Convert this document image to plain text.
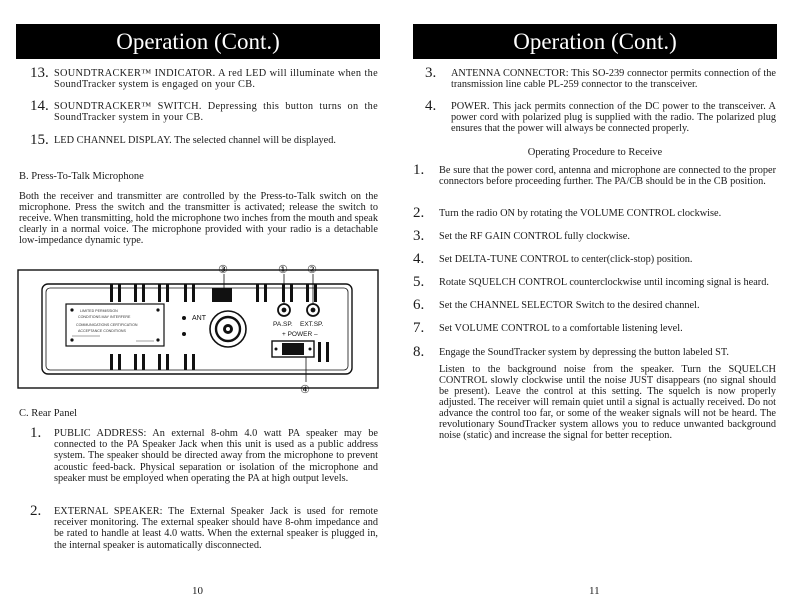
Operation (Cont.)
13. SOUNDTRACKER™ INDICATOR. A red LED will illuminate when the SoundTracker system is engaged on your CB.
14. SOUNDTRACKER™ SWITCH. Depressing this button turns on the SoundTracker system in your CB.
15. LED CHANNEL DISPLAY. The selected channel will be displayed.
B. Press-To-Talk Microphone
Both the receiver and transmitter are controlled by the Press-to-Talk switch on the microphone. Press the switch and the transmitter is activated; release the switch to receive. When transmitting, hold the microphone two inches from the mouth and speak clearly in a normal voice. The microphone provided with your radio is a detachable low-impedance dynamic type.
LIMITED PERMISSION
CONDITIONS MAY INTERFERE
COMMUNICATIONS CERTIFICATION
ACCEPTANCE CONDITIONS
ANT
PA.SP. EXT.SP.
+ POWER –
③	① ②
④
C. Rear Panel
1. PUBLIC ADDRESS: An external 8-ohm 4.0 watt PA speaker may be connected to the PA Speaker Jack when this unit is used as a public address system. The speaker should be directed away from the microphone to prevent acoustic feed-back. Physical separation or isolation of the microphone and speaker must be employed when operating the PA at high output levels.
2. EXTERNAL SPEAKER: The External Speaker Jack is used for remote receiver monitoring. The external speaker should have 8-ohm impedance and be rated to handle at least 4.0 watts. When the external speaker is plugged in, the internal speaker is automatically disconnected.
10
Operation (Cont.)
3. ANTENNA CONNECTOR: This SO-239 connector permits connection of the transmission line cable PL-259 connector to the transceiver.
4. POWER. This jack permits connection of the DC power to the transceiver. A power cord with polarized plug is supplied with the radio. The polarized plug ensures that the power will always be connected properly.
Operating Procedure to Receive
1. Be sure that the power cord, antenna and microphone are connected to the proper connectors before proceeding further. The PA/CB should be in the CB position.
2. Turn the radio ON by rotating the VOLUME CONTROL clockwise.
3. Set the RF GAIN CONTROL fully clockwise.
4. Set DELTA-TUNE CONTROL to center(click-stop) position.
5. Rotate SQUELCH CONTROL counterclockwise until incoming signal is heard.
6. Set the CHANNEL SELECTOR Switch to the desired channel.
7. Set VOLUME CONTROL to a comfortable listening level.
8. Engage the SoundTracker system by depressing the button labeled ST.
Listen to the background noise from the speaker. Turn the SQUELCH CONTROL slowly clockwise until the noise JUST disappears (no signal should be present). Leave the control at this setting. The squelch is now properly adjusted. The receiver will remain quiet until a signal is actually received. Do not advance the control too far, or some of the weaker signals will not be heard. The revolutionary SoundTracker system allows you to reduce unwanted background noise (static) and increase the signal for better reception.
11
